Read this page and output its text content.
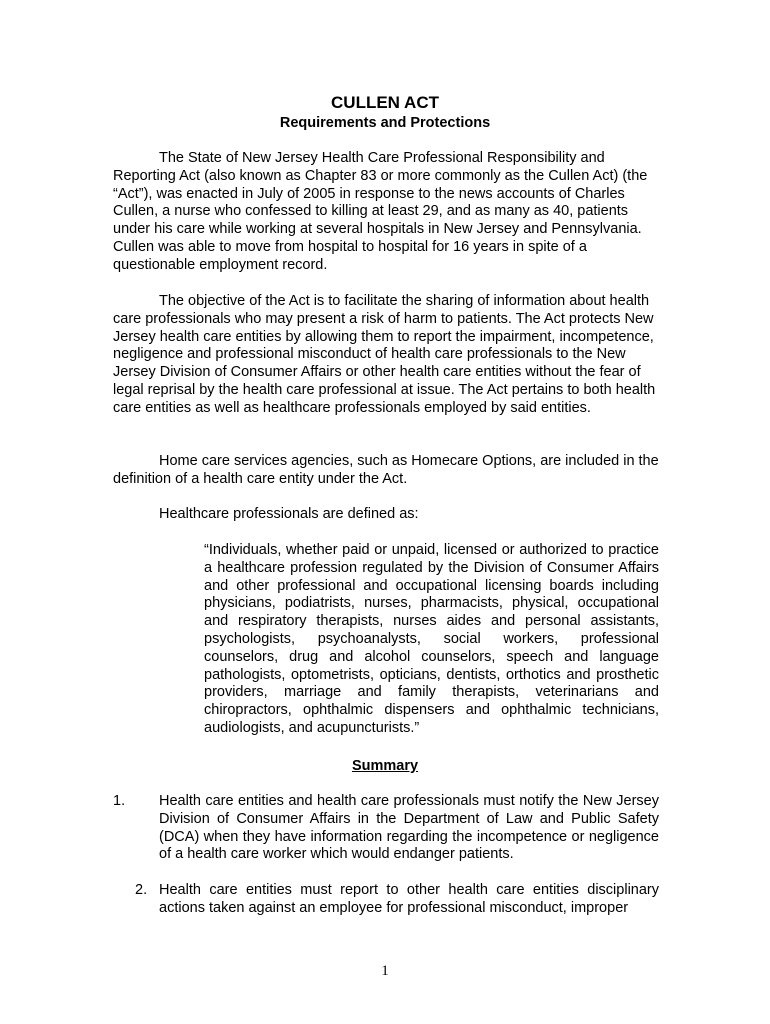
CULLEN ACT
Requirements and Protections

The State of New Jersey Health Care Professional Responsibility and Reporting Act (also known as Chapter 83 or more commonly as the Cullen Act) (the “Act”), was enacted in July of 2005 in response to the news accounts of Charles Cullen, a nurse who confessed to killing at least 29, and as many as 40, patients under his care while working at several hospitals in New Jersey and Pennsylvania. Cullen was able to move from hospital to hospital for 16 years in spite of a questionable employment record.

The objective of the Act is to facilitate the sharing of information about health care professionals who may present a risk of harm to patients. The Act protects New Jersey health care entities by allowing them to report the impairment, incompetence, negligence and professional misconduct of health care professionals to the New Jersey Division of Consumer Affairs or other health care entities without the fear of legal reprisal by the health care professional at issue. The Act pertains to both health care entities as well as healthcare professionals employed by said entities.

Home care services agencies, such as Homecare Options, are included in the definition of a health care entity under the Act.

Healthcare professionals are defined as:

“Individuals, whether paid or unpaid, licensed or authorized to practice a healthcare profession regulated by the Division of Consumer Affairs and other professional and occupational licensing boards including physicians, podiatrists, nurses, pharmacists, physical, occupational and respiratory therapists, nurses aides and personal assistants, psychologists, psychoanalysts, social workers, professional counselors, drug and alcohol counselors, speech and language pathologists, optometrists, opticians, dentists, orthotics and prosthetic providers, marriage and family therapists, veterinarians and chiropractors, ophthalmic dispensers and ophthalmic technicians, audiologists, and acupuncturists.”

Summary
1. Health care entities and health care professionals must notify the New Jersey Division of Consumer Affairs in the Department of Law and Public Safety (DCA) when they have information regarding the incompetence or negligence of a health care worker which would endanger patients.

2. Health care entities must report to other health care entities disciplinary actions taken against an employee for professional misconduct, improper

1
